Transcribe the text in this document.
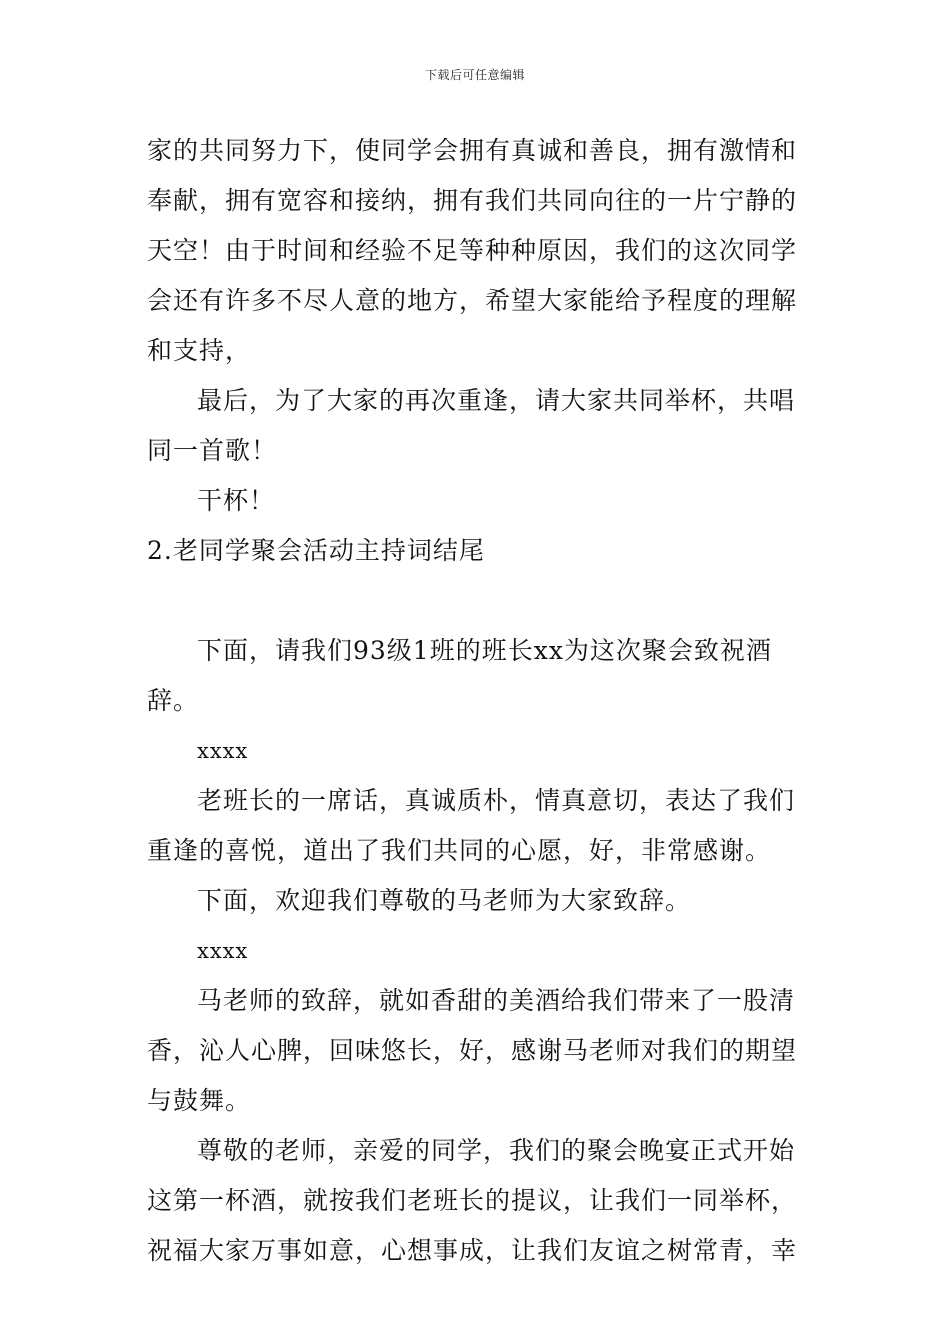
下载后可任意编辑

家的共同努力下，使同学会拥有真诚和善良，拥有激情和奉献，拥有宽容和接纳，拥有我们共同向往的一片宁静的天空！由于时间和经验不足等种种原因，我们的这次同学会还有许多不尽人意的地方，希望大家能给予程度的理解和支持，

最后，为了大家的再次重逢，请大家共同举杯，共唱同一首歌！

干杯！

2.老同学聚会活动主持词结尾

下面，请我们93级1班的班长xx为这次聚会致祝酒辞。

xxxx

老班长的一席话，真诚质朴，情真意切，表达了我们重逢的喜悦，道出了我们共同的心愿，好，非常感谢。

下面，欢迎我们尊敬的马老师为大家致辞。

xxxx

马老师的致辞，就如香甜的美酒给我们带来了一股清香，沁人心脾，回味悠长，好，感谢马老师对我们的期望与鼓舞。

尊敬的老师，亲爱的同学，我们的聚会晚宴正式开始这第一杯酒，就按我们老班长的提议，让我们一同举杯，祝福大家万事如意，心想事成，让我们友谊之树常青，幸
